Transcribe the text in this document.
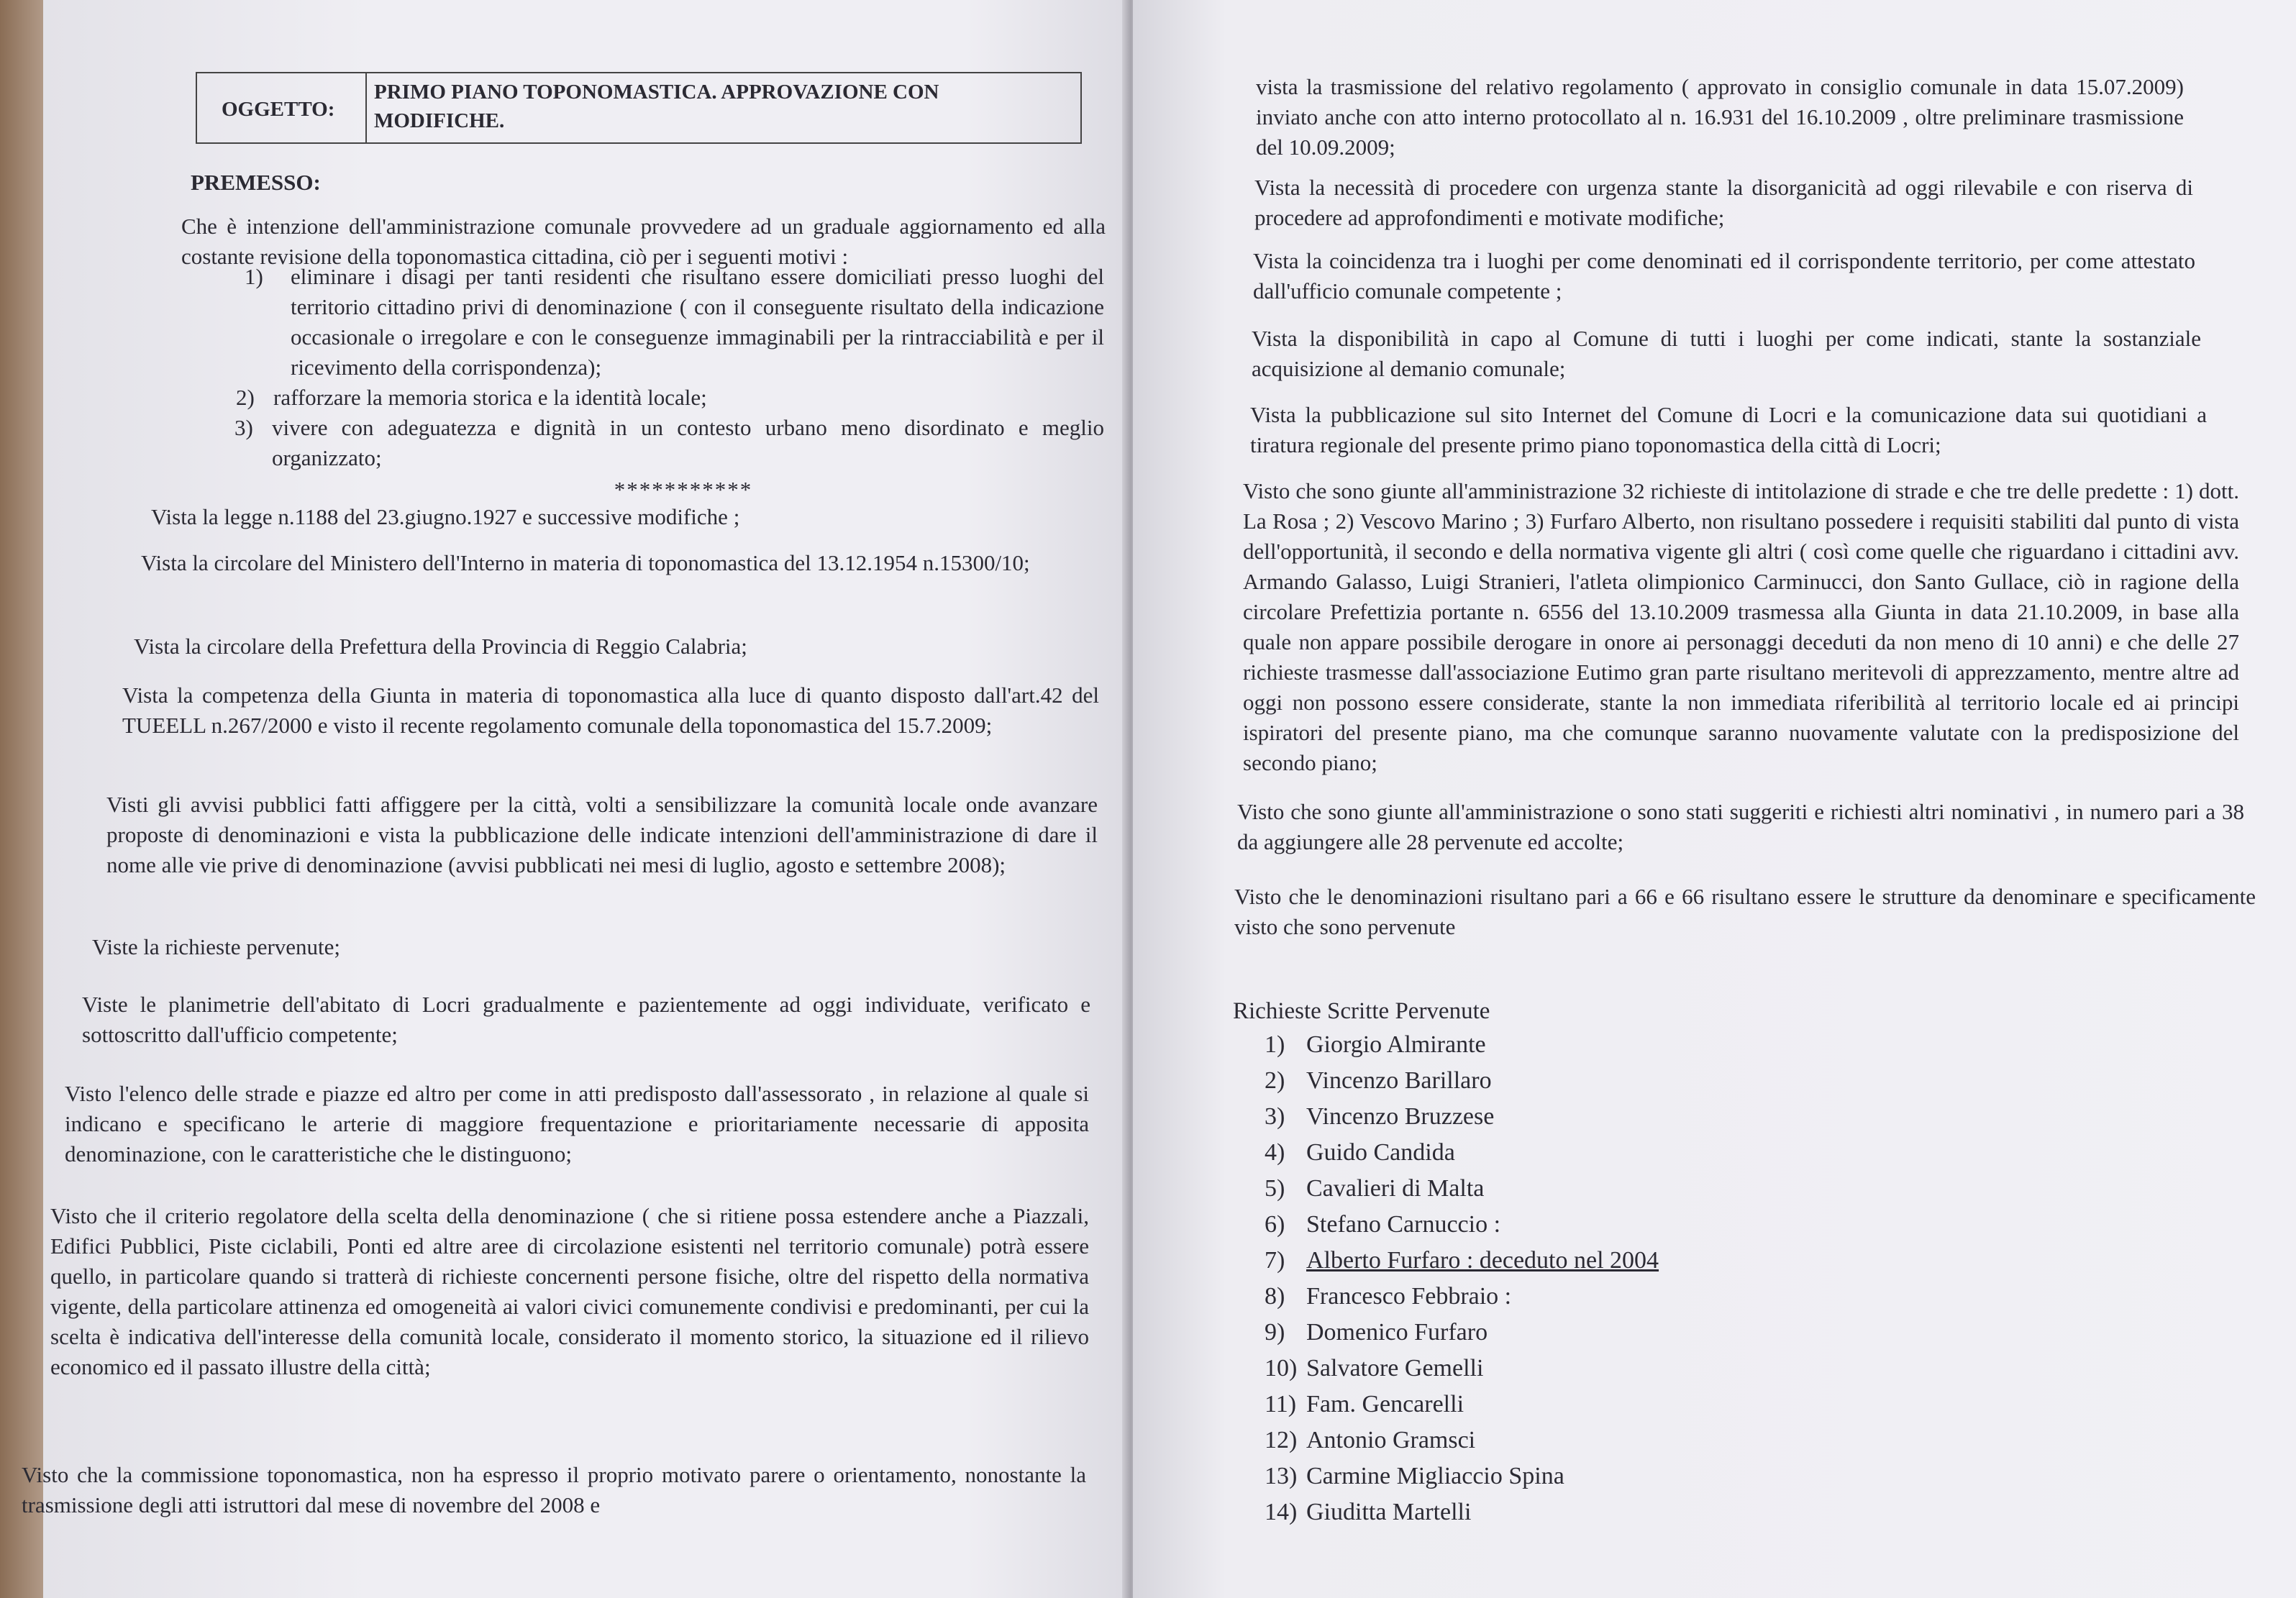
OGGETTO:
PRIMO PIANO TOPONOMASTICA. APPROVAZIONE CON MODIFICHE.
PREMESSO:

Che è intenzione dell'amministrazione comunale provvedere ad un graduale aggiornamento ed alla costante revisione della toponomastica cittadina, ciò per i seguenti motivi :

1) eliminare i disagi per tanti residenti che risultano essere domiciliati presso luoghi del territorio cittadino privi di denominazione ( con il conseguente risultato della indicazione occasionale o irregolare e con le conseguenze immaginabili per la rintracciabilità e per il ricevimento della corrispondenza);
2) rafforzare la memoria storica e la identità locale;
3) vivere con adeguatezza e dignità in un contesto urbano meno disordinato e meglio organizzato;

***********

Vista la legge n.1188 del 23.giugno.1927 e successive modifiche ;

Vista la circolare del Ministero dell'Interno in materia di toponomastica del 13.12.1954 n.15300/10;

Vista la circolare della Prefettura della Provincia di Reggio Calabria;

Vista la competenza della Giunta in materia di toponomastica alla luce di quanto disposto dall'art.42 del TUEELL n.267/2000 e visto il recente regolamento comunale della toponomastica del 15.7.2009;

Visti gli avvisi pubblici fatti affiggere per la città, volti a sensibilizzare la comunità locale onde avanzare proposte di denominazioni e vista la pubblicazione delle indicate intenzioni dell'amministrazione di dare il nome alle vie prive di denominazione (avvisi pubblicati nei mesi di luglio, agosto e settembre 2008);

Viste la richieste pervenute;

Viste le planimetrie dell'abitato di Locri gradualmente e pazientemente ad oggi individuate, verificato e sottoscritto dall'ufficio competente;

Visto l'elenco delle strade e piazze ed altro per come in atti predisposto dall'assessorato , in relazione al quale si indicano e specificano le arterie di maggiore frequentazione e prioritariamente necessarie di apposita denominazione, con le caratteristiche che le distinguono;

Visto che il criterio regolatore della scelta della denominazione ( che si ritiene possa estendere anche a Piazzali, Edifici Pubblici, Piste ciclabili, Ponti ed altre aree di circolazione esistenti nel territorio comunale) potrà essere quello, in particolare quando si tratterà di richieste concernenti persone fisiche, oltre del rispetto della normativa vigente, della particolare attinenza ed omogeneità ai valori civici comunemente condivisi e predominanti, per cui la scelta è indicativa dell'interesse della comunità locale, considerato il momento storico, la situazione ed il rilievo economico ed il passato illustre della città;

Visto che la commissione toponomastica, non ha espresso il proprio motivato parere o orientamento, nonostante la trasmissione degli atti istruttori dal mese di novembre del 2008 e

vista la trasmissione del relativo regolamento ( approvato in consiglio comunale in data 15.07.2009) inviato anche con atto interno protocollato al n. 16.931 del 16.10.2009 , oltre preliminare trasmissione del 10.09.2009;

Vista la necessità di procedere con urgenza stante la disorganicità ad oggi rilevabile e con riserva di procedere ad approfondimenti e motivate modifiche;

Vista la coincidenza tra i luoghi per come denominati ed il corrispondente territorio, per come attestato dall'ufficio comunale competente ;

Vista la disponibilità in capo al Comune di tutti i luoghi per come indicati, stante la sostanziale acquisizione al demanio comunale;

Vista la pubblicazione sul sito Internet del Comune di Locri e la comunicazione data sui quotidiani a tiratura regionale del presente primo piano toponomastica della città di Locri;

Visto che sono giunte all'amministrazione 32 richieste di intitolazione di strade e che tre delle predette : 1) dott. La Rosa ; 2) Vescovo Marino ; 3) Furfaro Alberto, non risultano possedere i requisiti stabiliti dal punto di vista dell'opportunità, il secondo e della normativa vigente gli altri ( così come quelle che riguardano i cittadini avv. Armando Galasso, Luigi Stranieri, l'atleta olimpionico Carminucci, don Santo Gullace, ciò in ragione della circolare Prefettizia portante n. 6556 del 13.10.2009 trasmessa alla Giunta in data 21.10.2009, in base alla quale non appare possibile derogare in onore ai personaggi deceduti da non meno di 10 anni) e che delle 27 richieste trasmesse dall'associazione Eutimo gran parte risultano meritevoli di apprezzamento, mentre altre ad oggi non possono essere considerate, stante la non immediata riferibilità al territorio locale ed ai principi ispiratori del presente piano, ma che comunque saranno nuovamente valutate con la predisposizione del secondo piano;

Visto che sono giunte all'amministrazione o sono stati suggeriti e richiesti altri nominativi , in numero pari a 38 da aggiungere alle 28 pervenute ed accolte;

Visto che le denominazioni risultano pari a 66 e 66 risultano essere le strutture da denominare e specificamente visto che sono pervenute

Richieste Scritte Pervenute
1) Giorgio Almirante
2) Vincenzo Barillaro
3) Vincenzo Bruzzese
4) Guido Candida
5) Cavalieri di Malta
6) Stefano Carnuccio :
7) Alberto Furfaro : deceduto nel 2004
8) Francesco Febbraio :
9) Domenico Furfaro
10) Salvatore Gemelli
11) Fam. Gencarelli
12) Antonio Gramsci
13) Carmine Migliaccio Spina
14) Giuditta Martelli
